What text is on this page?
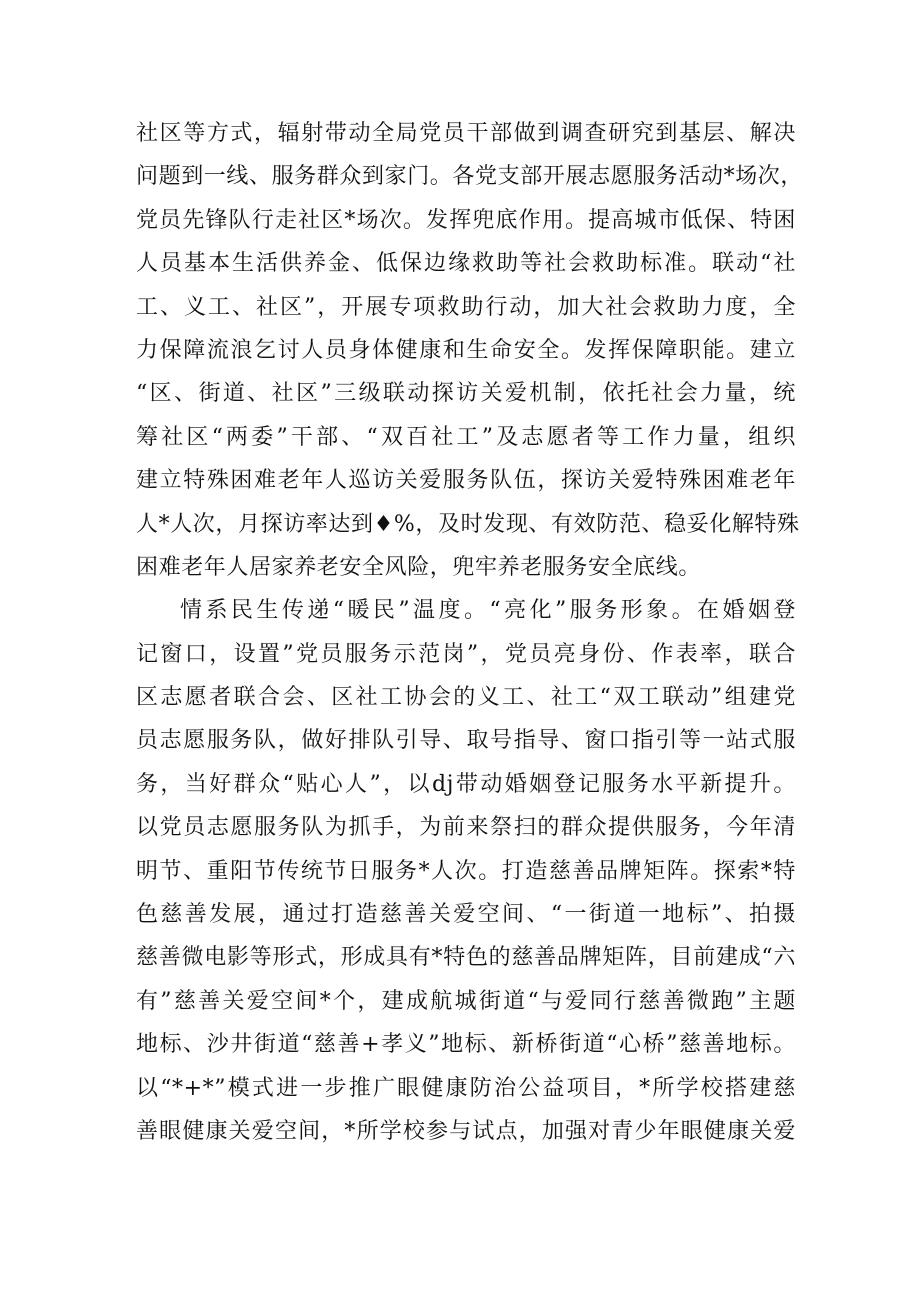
社区等方式，辐射带动全局党员干部做到调查研究到基层、解决
问题到一线、服务群众到家门。各党支部开展志愿服务活动*场次，
党员先锋队行走社区*场次。发挥兜底作用。提高城市低保、特困
人员基本生活供养金、低保边缘救助等社会救助标准。联动“社
工、义工、社区”，开展专项救助行动，加大社会救助力度，全
力保障流浪乞讨人员身体健康和生命安全。发挥保障职能。建立
“区、街道、社区”三级联动探访关爱机制，依托社会力量，统
筹社区“两委”干部、“双百社工”及志愿者等工作力量，组织
建立特殊困难老年人巡访关爱服务队伍，探访关爱特殊困难老年
人*人次，月探访率达到♦%，及时发现、有效防范、稳妥化解特殊
困难老年人居家养老安全风险，兜牢养老服务安全底线。
情系民生传递“暖民”温度。“亮化”服务形象。在婚姻登
记窗口，设置”党员服务示范岗”，党员亮身份、作表率，联合
区志愿者联合会、区社工协会的义工、社工“双工联动”组建党
员志愿服务队，做好排队引导、取号指导、窗口指引等一站式服
务，当好群众“贴心人”，以dj带动婚姻登记服务水平新提升。
以党员志愿服务队为抓手，为前来祭扫的群众提供服务，今年清
明节、重阳节传统节日服务*人次。打造慈善品牌矩阵。探索*特
色慈善发展，通过打造慈善关爱空间、“一街道一地标”、拍摄
慈善微电影等形式，形成具有*特色的慈善品牌矩阵，目前建成“六
有”慈善关爱空间*个，建成航城街道“与爱同行慈善微跑”主题
地标、沙井街道“慈善+孝义”地标、新桥街道“心桥”慈善地标。
以“*+*”模式进一步推广眼健康防治公益项目，*所学校搭建慈
善眼健康关爱空间，*所学校参与试点，加强对青少年眼健康关爱
